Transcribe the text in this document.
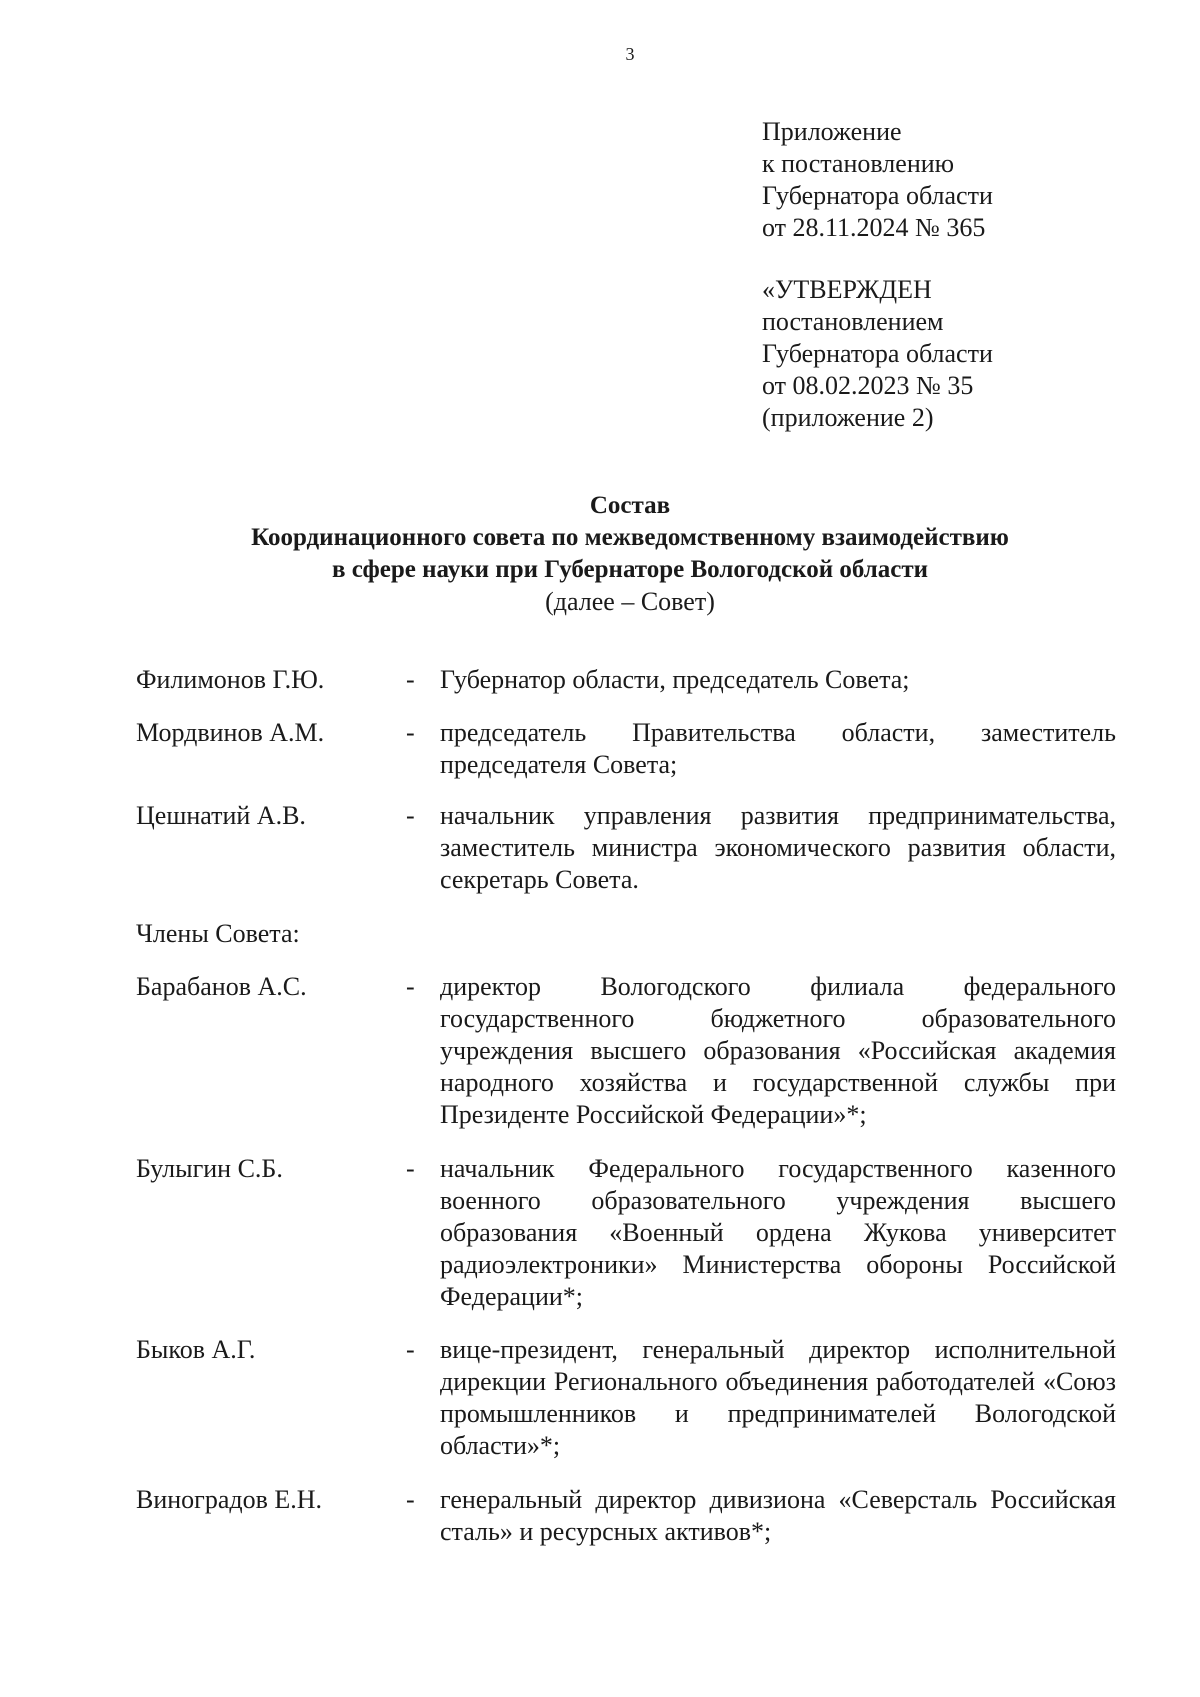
3
Приложение
к постановлению
Губернатора области
от 28.11.2024 № 365
«УТВЕРЖДЕН
постановлением
Губернатора области
от 08.02.2023 № 35
(приложение 2)
Состав
Координационного совета по межведомственному взаимодействию
в сфере науки при Губернаторе Вологодской области
(далее – Совет)
Филимонов Г.Ю.	- Губернатор области, председатель Совета;
Мордвинов А.М.	- председатель Правительства области, заместитель председателя Совета;
Цешнатий А.В.	- начальник управления развития предпринимательства, заместитель министра экономического развития области, секретарь Совета.
Члены Совета:
Барабанов А.С.	- директор Вологодского филиала федерального государственного бюджетного образовательного учреждения высшего образования «Российская академия народного хозяйства и государственной службы при Президенте Российской Федерации»*;
Булыгин С.Б.	- начальник Федерального государственного казенного военного образовательного учреждения высшего образования «Военный ордена Жукова университет радиоэлектроники» Министерства обороны Российской Федерации*;
Быков А.Г.	- вице-президент, генеральный директор исполнительной дирекции Регионального объединения работодателей «Союз промышленников и предпринимателей Вологодской области»*;
Виноградов Е.Н.	- генеральный директор дивизиона «Северсталь Российская сталь» и ресурсных активов*;
